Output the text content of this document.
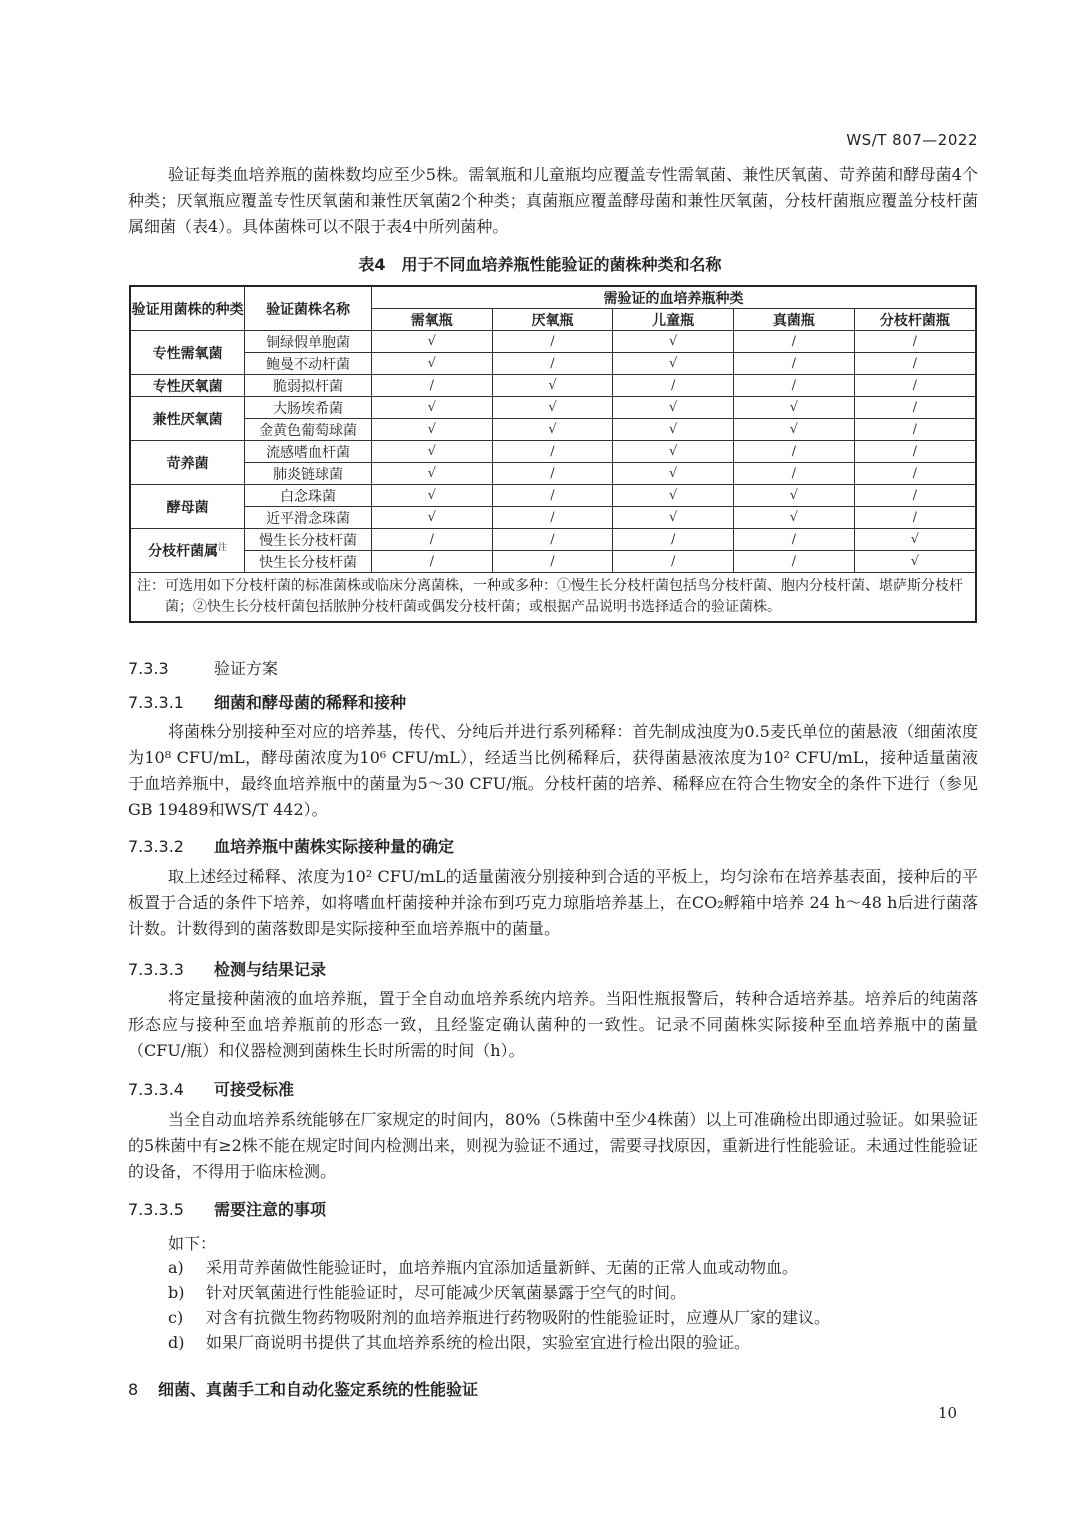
WS/T 807—2022
验证每类血培养瓶的菌株数均应至少5株。需氧瓶和儿童瓶均应覆盖专性需氧菌、兼性厌氧菌、苛养菌和酵母菌4个种类；厌氧瓶应覆盖专性厌氧菌和兼性厌氧菌2个种类；真菌瓶应覆盖酵母菌和兼性厌氧菌，分枝杆菌瓶应覆盖分枝杆菌属细菌（表4）。具体菌株可以不限于表4中所列菌种。
表4　用于不同血培养瓶性能验证的菌株种类和名称
验证用菌株的种类	验证菌株名称	需验证的血培养瓶种类				
		需氧瓶	厌氧瓶	儿童瓶	真菌瓶	分枝杆菌瓶
专性需氧菌	铜绿假单胞菌	√	/	√	/	/
	鲍曼不动杆菌	√	/	√	/	/
专性厌氧菌	脆弱拟杆菌	/	√	/	/	/
兼性厌氧菌	大肠埃希菌	√	√	√	√	/
	金黄色葡萄球菌	√	√	√	√	/
苛养菌	流感嗜血杆菌	√	/	√	/	/
	肺炎链球菌	√	/	√	/	/
酵母菌	白念珠菌	√	/	√	√	/
	近平滑念珠菌	√	/	√	√	/
分枝杆菌属$^注$	慢生长分枝杆菌	/	/	/	/	√
	快生长分枝杆菌	/	/	/	/	√
注：可选用如下分枝杆菌的标准菌株或临床分离菌株，一种或多种：①慢生长分枝杆菌包括鸟分枝杆菌、胞内分枝杆菌、堪萨斯分枝杆菌；②快生长分枝杆菌包括脓肿分枝杆菌或偶发分枝杆菌；或根据产品说明书选择适合的验证菌株。						
7.3.3	验证方案
7.3.3.1 细菌和酵母菌的稀释和接种
将菌株分别接种至对应的培养基，传代、分纯后并进行系列稀释：首先制成浊度为0.5麦氏单位的菌悬液（细菌浓度为10⁸ CFU/mL，酵母菌浓度为10⁶ CFU/mL），经适当比例稀释后，获得菌悬液浓度为10² CFU/mL，接种适量菌液于血培养瓶中，最终血培养瓶中的菌量为5～30 CFU/瓶。分枝杆菌的培养、稀释应在符合生物安全的条件下进行（参见GB 19489和WS/T 442）。
7.3.3.2 血培养瓶中菌株实际接种量的确定
取上述经过稀释、浓度为10² CFU/mL的适量菌液分别接种到合适的平板上，均匀涂布在培养基表面，接种后的平板置于合适的条件下培养，如将嗜血杆菌接种并涂布到巧克力琼脂培养基上，在CO₂孵箱中培养 24 h～48 h后进行菌落计数。计数得到的菌落数即是实际接种至血培养瓶中的菌量。
7.3.3.3 检测与结果记录
将定量接种菌液的血培养瓶，置于全自动血培养系统内培养。当阳性瓶报警后，转种合适培养基。培养后的纯菌落形态应与接种至血培养瓶前的形态一致，且经鉴定确认菌种的一致性。记录不同菌株实际接种至血培养瓶中的菌量（CFU/瓶）和仪器检测到菌株生长时所需的时间（h）。
7.3.3.4 可接受标准
当全自动血培养系统能够在厂家规定的时间内，80%（5株菌中至少4株菌）以上可准确检出即通过验证。如果验证的5株菌中有≥2株不能在规定时间内检测出来，则视为验证不通过，需要寻找原因，重新进行性能验证。未通过性能验证的设备，不得用于临床检测。
7.3.3.5 需要注意的事项
如下：
a) 采用苛养菌做性能验证时，血培养瓶内宜添加适量新鲜、无菌的正常人血或动物血。
b) 针对厌氧菌进行性能验证时，尽可能减少厌氧菌暴露于空气的时间。
c) 对含有抗微生物药物吸附剂的血培养瓶进行药物吸附的性能验证时，应遵从厂家的建议。
d) 如果厂商说明书提供了其血培养系统的检出限，实验室宜进行检出限的验证。
8 细菌、真菌手工和自动化鉴定系统的性能验证
10
